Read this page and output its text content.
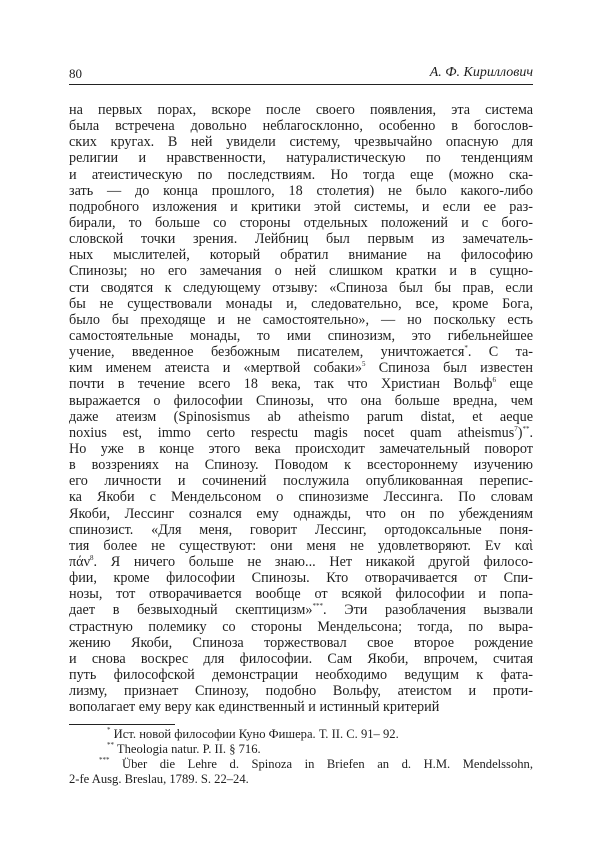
80	А. Ф. Кириллович
на первых порах, вскоре после своего появления, эта система
была встречена довольно неблагосклонно, особенно в богослов-
ских кругах. В ней увидели систему, чрезвычайно опасную для
религии и нравственности, натуралистическую по тенденциям
и атеистическую по последствиям. Но тогда еще (можно ска-
зать — до конца прошлого, 18 столетия) не было какого-либо
подробного изложения и критики этой системы, и если ее раз-
бирали, то больше со стороны отдельных положений и с бого-
словской точки зрения. Лейбниц был первым из замечатель-
ных мыслителей, который обратил внимание на философию
Спинозы; но его замечания о ней слишком кратки и в сущно-
сти сводятся к следующему отзыву: «Спиноза был бы прав, если
бы не существовали монады и, следовательно, все, кроме Бога,
было бы преходяще и не самостоятельно», — но поскольку есть
самостоятельные монады, то ими спинозизм, это гибельнейшее
учение, введенное безбожным писателем, уничтожается*. С та-
ким именем атеиста и «мертвой собаки»$^5$ Спиноза был известен
почти в течение всего 18 века, так что Христиан Вольф$^6$ еще
выражается о философии Спинозы, что она больше вредна, чем
даже атеизм (Spinosismus ab atheismo parum distat, et aeque
noxius est, immo certo respectu magis nocet quam atheismus$^7$)**.
Но уже в конце этого века происходит замечательный поворот
в воззрениях на Спинозу. Поводом к всестороннему изучению
его личности и сочинений послужила опубликованная перепис-
ка Якоби с Мендельсоном о спинозизме Лессинга. По словам
Якоби, Лессинг сознался ему однажды, что он по убеждениям
спинозист. «Для меня, говорит Лессинг, ортодоксальные поня-
тия более не существуют: они меня не удовлетворяют. Ev καὶ
πάν$^8$. Я ничего больше не знаю... Нет никакой другой филосо-
фии, кроме философии Спинозы. Кто отворачивается от Спи-
нозы, тот отворачивается вообще от всякой философии и попа-
дает в безвыходный скептицизм»***. Эти разоблачения вызвали
страстную полемику со стороны Мендельсона; тогда, по выра-
жению Якоби, Спиноза торжествовал свое второе рождение
и снова воскрес для философии. Сам Якоби, впрочем, считая
путь философской демонстрации необходимо ведущим к фата-
лизму, признает Спинозу, подобно Вольфу, атеистом и проти-
вополагает ему веру как единственный и истинный критерий
* Ист. новой философии Куно Фишера. Т. II. С. 91– 92.
** Theologia natur. P. II. § 716.
*** Über die Lehre d. Spinoza in Briefen an d. H.M. Mendelssohn,
2-fe Ausg. Breslau, 1789. S. 22–24.
